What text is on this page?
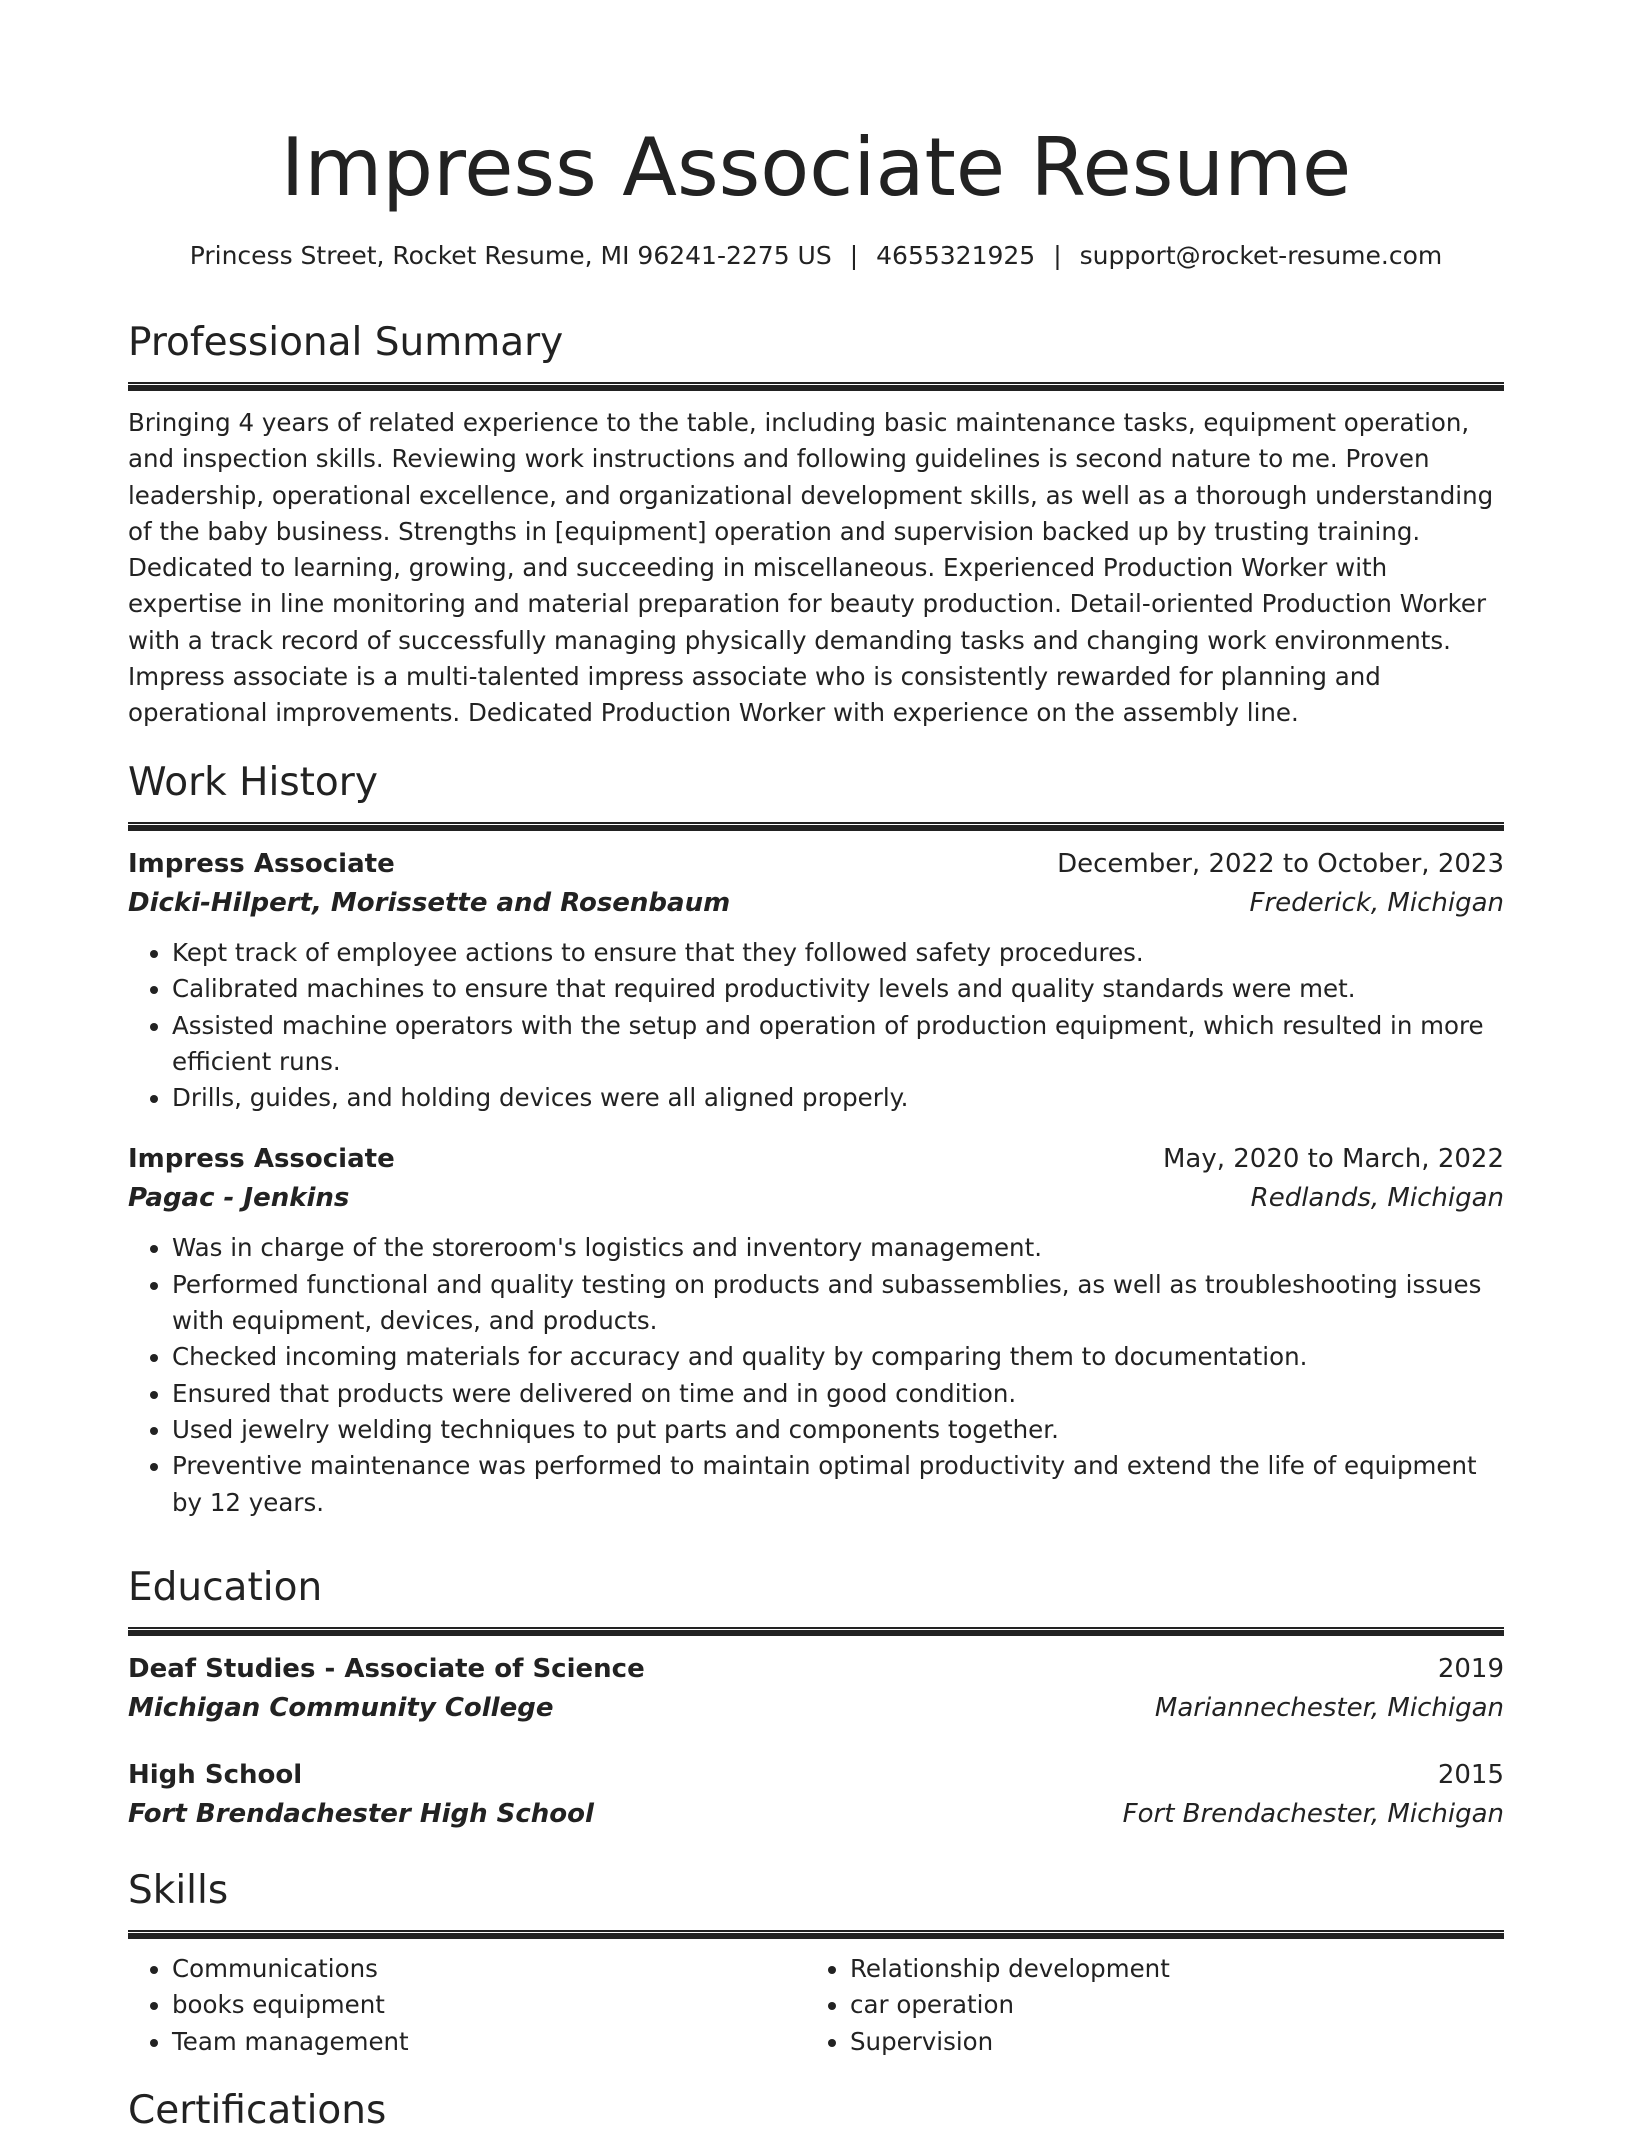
Impress Associate Resume
Princess Street, Rocket Resume, MI 96241-2275 US | 4655321925 | support@rocket-resume.com
Professional Summary
Bringing 4 years of related experience to the table, including basic maintenance tasks, equipment operation, and inspection skills. Reviewing work instructions and following guidelines is second nature to me. Proven leadership, operational excellence, and organizational development skills, as well as a thorough understanding of the baby business. Strengths in [equipment] operation and supervision backed up by trusting training. Dedicated to learning, growing, and succeeding in miscellaneous. Experienced Production Worker with expertise in line monitoring and material preparation for beauty production. Detail-oriented Production Worker with a track record of successfully managing physically demanding tasks and changing work environments. Impress associate is a multi-talented impress associate who is consistently rewarded for planning and operational improvements. Dedicated Production Worker with experience on the assembly line.
Work History
Impress Associate	December, 2022 to October, 2023
Dicki-Hilpert, Morissette and Rosenbaum	Frederick, Michigan
• Kept track of employee actions to ensure that they followed safety procedures.
• Calibrated machines to ensure that required productivity levels and quality standards were met.
• Assisted machine operators with the setup and operation of production equipment, which resulted in more efficient runs.
• Drills, guides, and holding devices were all aligned properly.
Impress Associate	May, 2020 to March, 2022
Pagac - Jenkins	Redlands, Michigan
• Was in charge of the storeroom's logistics and inventory management.
• Performed functional and quality testing on products and subassemblies, as well as troubleshooting issues with equipment, devices, and products.
• Checked incoming materials for accuracy and quality by comparing them to documentation.
• Ensured that products were delivered on time and in good condition.
• Used jewelry welding techniques to put parts and components together.
• Preventive maintenance was performed to maintain optimal productivity and extend the life of equipment by 12 years.
Education
Deaf Studies - Associate of Science	2019
Michigan Community College	Mariannechester, Michigan
High School	2015
Fort Brendachester High School	Fort Brendachester, Michigan
Skills
• Communications
• books equipment
• Team management
• Relationship development
• car operation
• Supervision
Certifications
